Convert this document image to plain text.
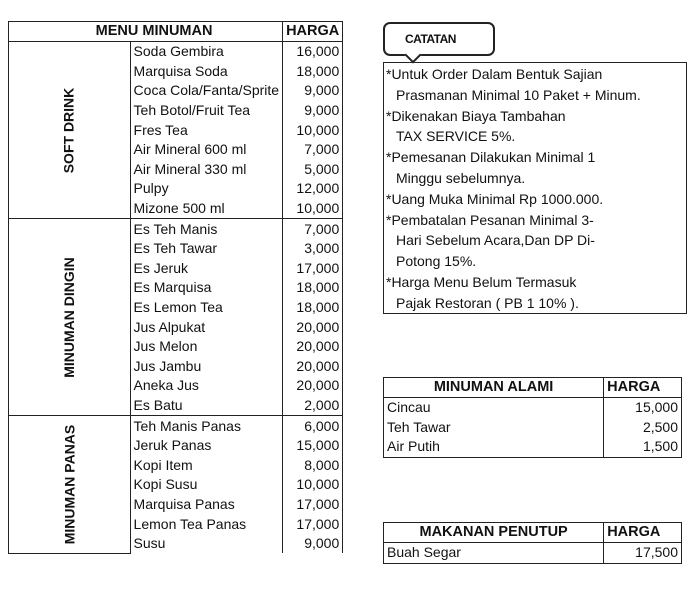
MENU MINUMAN		HARGA
SOFT DRINK	Soda Gembira	16,000
	Marquisa Soda	18,000
	Coca Cola/Fanta/Sprite	9,000
	Teh Botol/Fruit Tea	9,000
	Fres Tea	10,000
	Air Mineral 600 ml	7,000
	Air Mineral 330 ml	5,000
	Pulpy	12,000
	Mizone 500 ml	10,000
MINUMAN DINGIN	Es Teh Manis	7,000
	Es Teh Tawar	3,000
	Es Jeruk	17,000
	Es Marquisa	18,000
	Es Lemon Tea	18,000
	Jus Alpukat	20,000
	Jus Melon	20,000
	Jus Jambu	20,000
	Aneka Jus	20,000
	Es Batu	2,000
MINUMAN PANAS	Teh Manis Panas	6,000
	Jeruk Panas	15,000
	Kopi Item	8,000
	Kopi Susu	10,000
	Marquisa Panas	17,000
	Lemon Tea Panas	17,000
	Susu	9,000
CATATAN
*Untuk Order Dalam Bentuk Sajian
Prasmanan Minimal 10 Paket + Minum.
*Dikenakan Biaya Tambahan
TAX SERVICE 5%.
*Pemesanan Dilakukan Minimal 1
Minggu sebelumnya.
*Uang Muka Minimal Rp 1000.000.
*Pembatalan Pesanan Minimal 3-
Hari Sebelum Acara,Dan DP Di-
Potong 15%.
*Harga Menu Belum Termasuk
Pajak Restoran ( PB 1 10% ).
MINUMAN ALAMI	HARGA
Cincau	15,000
Teh Tawar	2,500
Air Putih	1,500
MAKANAN PENUTUP	HARGA
Buah Segar	17,500
